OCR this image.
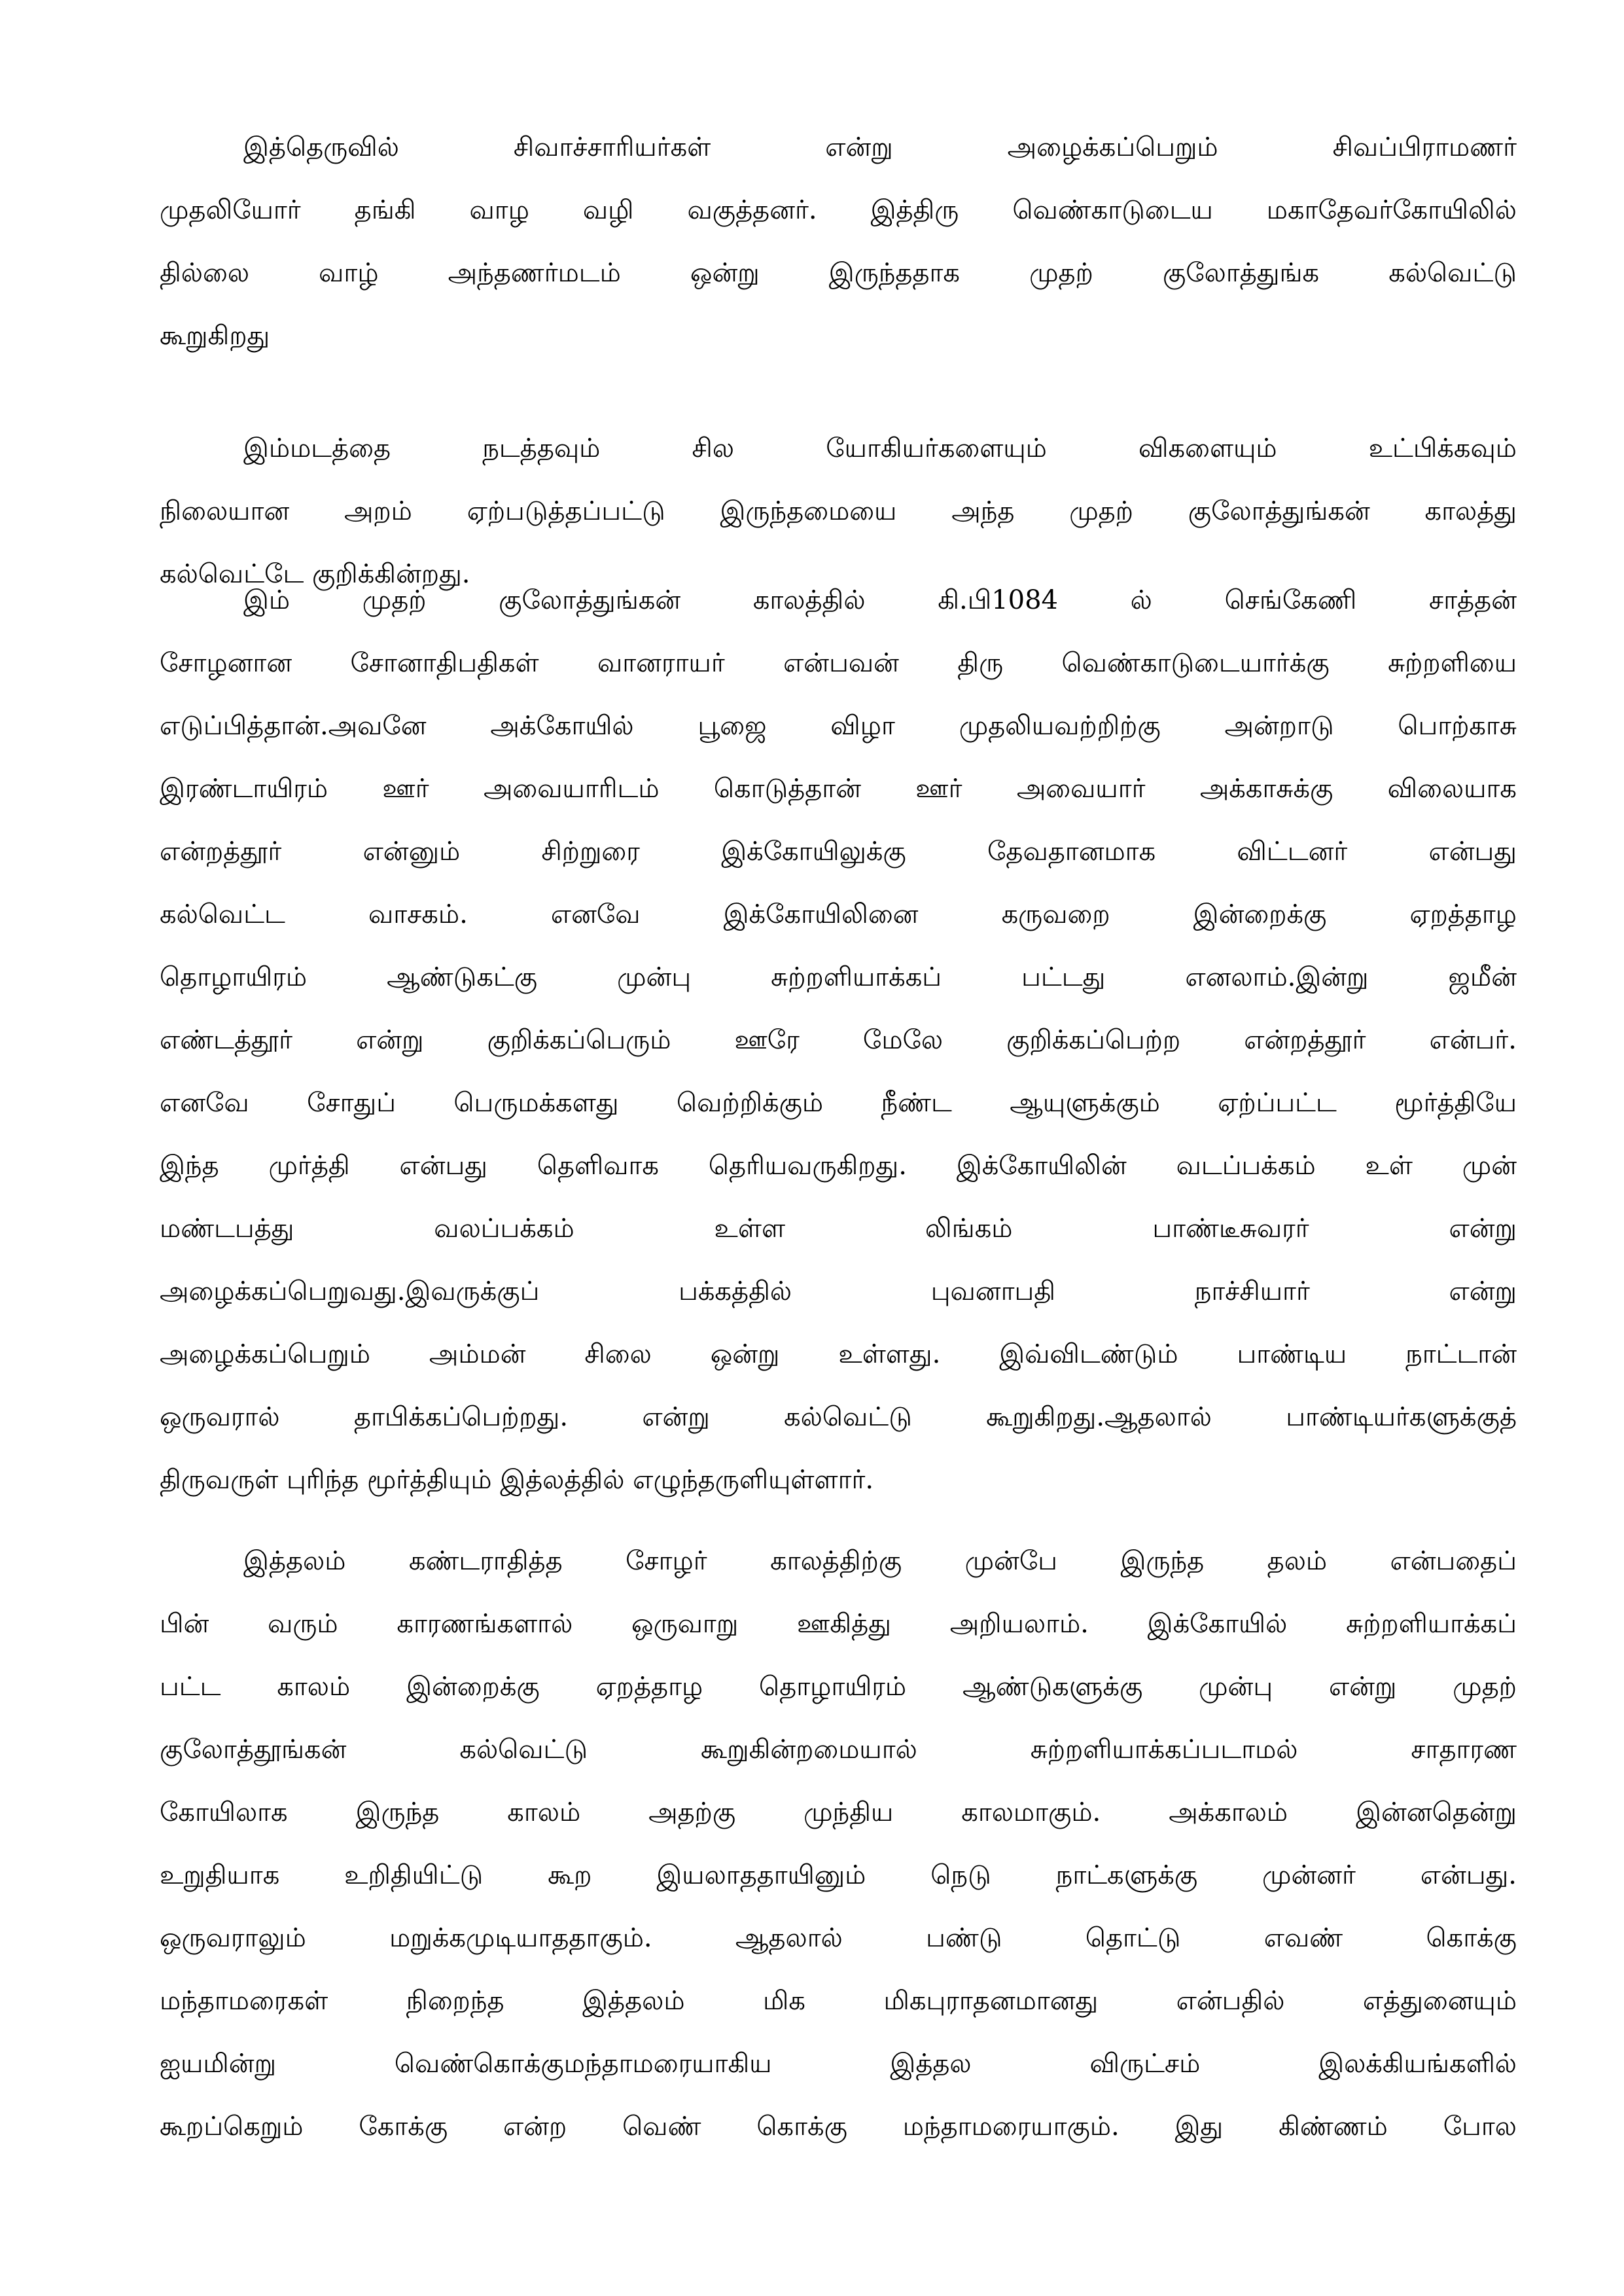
இத்தெருவில் சிவாச்சாரியர்கள் என்று அழைக்கப்பெறும் சிவப்பிராமணர்
முதலியோர் தங்கி வாழ வழி வகுத்தனர். இத்திரு வெண்காடுடைய மகாதேவர்கோயிலில்
தில்லை வாழ் அந்தணர்மடம் ஒன்று இருந்ததாக முதற் குலோத்துங்க கல்வெட்டு
கூறுகிறது
இம்மடத்தை நடத்தவும் சில யோகியர்களையும் விகளையும் உட்பிக்கவும்
நிலையான அறம் ஏற்படுத்தப்பட்டு இருந்தமையை அந்த முதற் குலோத்துங்கன் காலத்து
கல்வெட்டே குறிக்கின்றது.
இம் முதற் குலோத்துங்கன் காலத்தில் கி.பி1084 ல் செங்கேணி சாத்தன்
சோழனான சோனாதிபதிகள் வானராயர் என்பவன் திரு வெண்காடுடையார்க்கு சுற்றளியை
எடுப்பித்தான்.அவனே அக்கோயில் பூஜை விழா முதலியவற்றிற்கு அன்றாடு பொற்காசு
இரண்டாயிரம் ஊர் அவையாரிடம் கொடுத்தான் ஊர் அவையார் அக்காசுக்கு விலையாக
என்றத்தூர் என்னும் சிற்றுரை இக்கோயிலுக்கு தேவதானமாக விட்டனர் என்பது
கல்வெட்ட வாசகம். எனவே இக்கோயிலினை கருவறை இன்றைக்கு ஏறத்தாழ
தொழாயிரம் ஆண்டுகட்கு முன்பு சுற்றளியாக்கப் பட்டது எனலாம்.இன்று ஜமீன்
எண்டத்தூர் என்று குறிக்கப்பெரும் ஊரே மேலே குறிக்கப்பெற்ற என்றத்தூர் என்பர்.
எனவே சோதுப் பெருமக்களது வெற்றிக்கும் நீண்ட ஆயுளுக்கும் ஏற்ப்பட்ட மூர்த்தியே
இந்த முர்த்தி என்பது தெளிவாக தெரியவருகிறது. இக்கோயிலின் வடப்பக்கம் உள் முன்
மண்டபத்து வலப்பக்கம் உள்ள லிங்கம் பாண்டீசுவரர் என்று
அழைக்கப்பெறுவது.இவருக்குப் பக்கத்தில் புவனாபதி நாச்சியார் என்று
அழைக்கப்பெறும் அம்மன் சிலை ஒன்று உள்ளது. இவ்விடண்டும் பாண்டிய நாட்டான்
ஒருவரால் தாபிக்கப்பெற்றது. என்று கல்வெட்டு கூறுகிறது.ஆதலால் பாண்டியர்களுக்குத்
திருவருள் புரிந்த மூர்த்தியும் இத்லத்தில் எழுந்தருளியுள்ளார்.
இத்தலம் கண்டராதித்த சோழர் காலத்திற்கு முன்பே இருந்த தலம் என்பதைப்
பின் வரும் காரணங்களால் ஒருவாறு ஊகித்து அறியலாம். இக்கோயில் சுற்றளியாக்கப்
பட்ட காலம் இன்றைக்கு ஏறத்தாழ தொழாயிரம் ஆண்டுகளுக்கு முன்பு என்று முதற்
குலோத்தூங்கன் கல்வெட்டு கூறுகின்றமையால் சுற்றளியாக்கப்படாமல் சாதாரண
கோயிலாக இருந்த காலம் அதற்கு முந்திய காலமாகும். அக்காலம் இன்னதென்று
உறுதியாக உறிதியிட்டு கூற இயலாததாயினும் நெடு நாட்களுக்கு முன்னர் என்பது.
ஒருவராலும் மறுக்கமுடியாததாகும். ஆதலால் பண்டு தொட்டு எவண் கொக்கு
மந்தாமரைகள் நிறைந்த இத்தலம் மிக மிகபுராதனமானது என்பதில் எத்துனையும்
ஐயமின்று வெண்கொக்குமந்தாமரையாகிய இத்தல விருட்சம் இலக்கியங்களில்
கூறப்கெறும் கோக்கு என்ற வெண் கொக்கு மந்தாமரையாகும். இது கிண்ணம் போல
